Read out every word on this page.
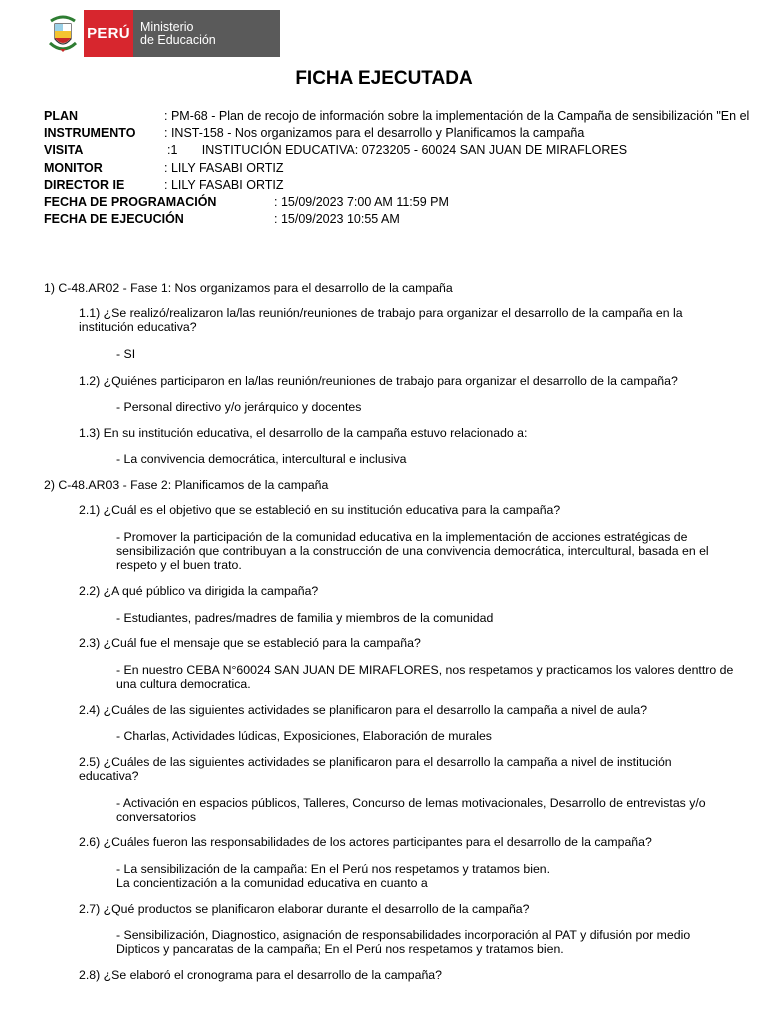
PERÚ Ministerio
de Educación
FICHA EJECUTADA
PLAN	: PM-68 - Plan de recojo de información sobre la implementación de la Campaña de sensibilización "En el
INSTRUMENTO : INST-158 - Nos organizamos para el desarrollo y Planificamos la campaña
VISITA	:1       INSTITUCIÓN EDUCATIVA: 0723205 - 60024 SAN JUAN DE MIRAFLORES
MONITOR	: LILY FASABI ORTIZ
DIRECTOR IE	: LILY FASABI ORTIZ
FECHA DE PROGRAMACIÓN	: 15/09/2023 7:00 AM 11:59 PM
FECHA DE EJECUCIÓN	: 15/09/2023 10:55 AM
1) C-48.AR02 - Fase 1: Nos organizamos para el desarrollo de la campaña
1.1) ¿Se realizó/realizaron la/las reunión/reuniones de trabajo para organizar el desarrollo de la campaña en la institución educativa?
- SI
1.2) ¿Quiénes participaron en la/las reunión/reuniones de trabajo para organizar el desarrollo de la campaña?
- Personal directivo y/o jerárquico y docentes
1.3) En su institución educativa, el desarrollo de la campaña estuvo relacionado a:
- La convivencia democrática, intercultural e inclusiva
2) C-48.AR03 - Fase 2: Planificamos de la campaña
2.1) ¿Cuál es el objetivo que se estableció en su institución educativa para la campaña?
- Promover la participación de la comunidad educativa en la implementación de acciones estratégicas de sensibilización que contribuyan a la construcción de una convivencia democrática, intercultural, basada en el respeto y el buen trato.
2.2) ¿A qué público va dirigida la campaña?
- Estudiantes, padres/madres de familia y miembros de la comunidad
2.3) ¿Cuál fue el mensaje que se estableció para la campaña?
- En nuestro CEBA N°60024 SAN JUAN DE MIRAFLORES, nos respetamos y practicamos los valores denttro de una cultura democratica.
2.4) ¿Cuáles de las siguientes actividades se planificaron para el desarrollo la campaña a nivel de aula?
- Charlas, Actividades lúdicas, Exposiciones, Elaboración de murales
2.5) ¿Cuáles de las siguientes actividades se planificaron para el desarrollo la campaña a nivel de institución educativa?
- Activación en espacios públicos, Talleres, Concurso de lemas motivacionales, Desarrollo de entrevistas y/o conversatorios
2.6) ¿Cuáles fueron las responsabilidades de los actores participantes para el desarrollo de la campaña?
- La sensibilización de la campaña: En el Perú nos respetamos y tratamos bien.
La concientización a la comunidad educativa en cuanto a
2.7) ¿Qué productos se planificaron elaborar durante el desarrollo de la campaña?
- Sensibilización, Diagnostico, asignación de responsabilidades incorporación al PAT y difusión por medio Dipticos y pancaratas de la campaña; En el Perú nos respetamos y tratamos bien.
2.8) ¿Se elaboró el cronograma para el desarrollo de la campaña?
